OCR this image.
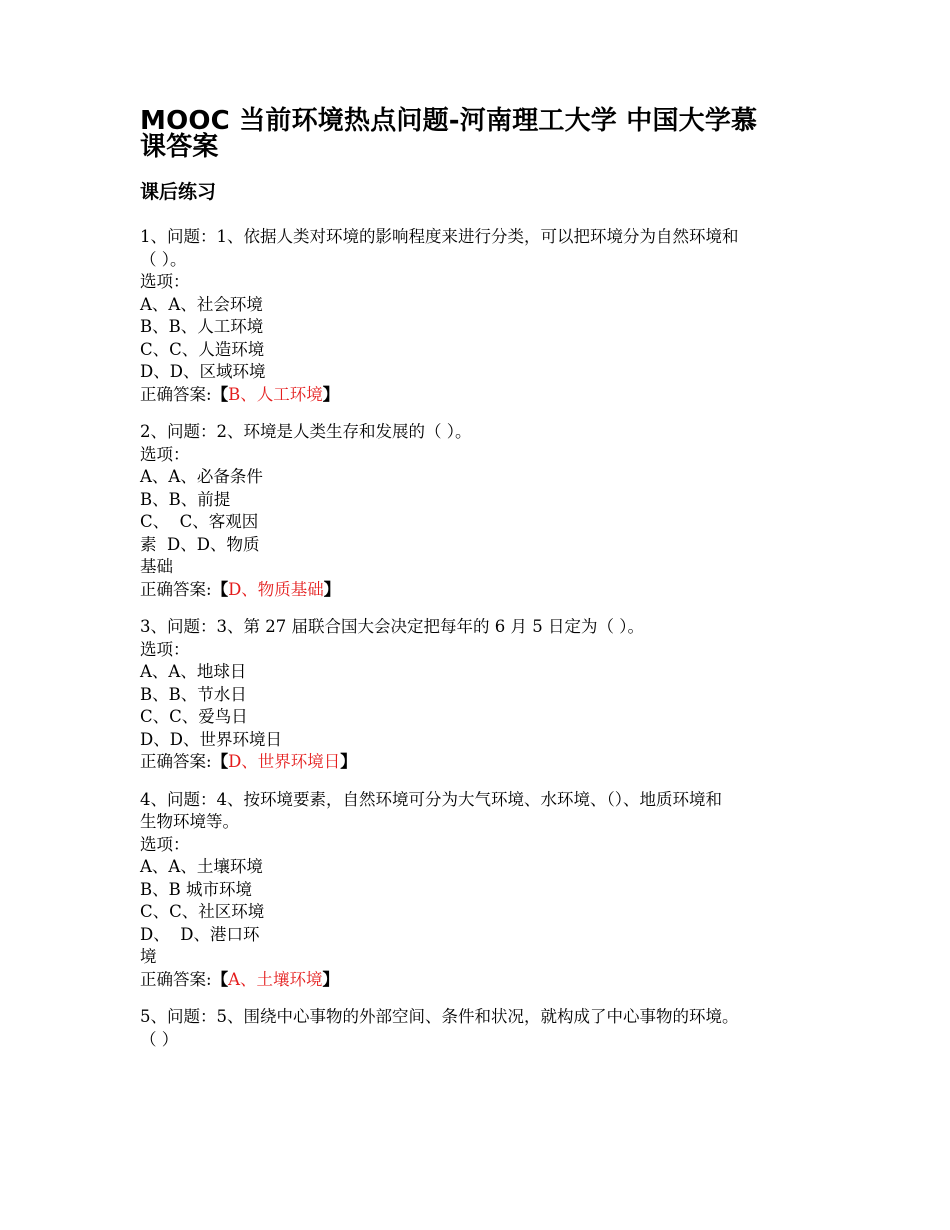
MOOC 当前环境热点问题-河南理工大学 中国大学慕
课答案
课后练习
1、问题：1、依据人类对环境的影响程度来进行分类，可以把环境分为自然环境和
（ ）。
选项：
A、A、社会环境
B、B、人工环境
C、C、人造环境
D、D、区域环境
正确答案:【B、人工环境】
2、问题：2、环境是人类生存和发展的（ ）。
选项：
A、A、必备条件
B、B、前提
C、  C、客观因
素  D、D、物质
基础
正确答案:【D、物质基础】
3、问题：3、第 27 届联合国大会决定把每年的 6 月 5 日定为（ ）。
选项：
A、A、地球日
B、B、节水日
C、C、爱鸟日
D、D、世界环境日
正确答案:【D、世界环境日】
4、问题：4、按环境要素，自然环境可分为大气环境、水环境、（）、地质环境和
生物环境等。
选项：
A、A、土壤环境
B、B 城市环境
C、C、社区环境
D、  D、港口环
境
正确答案:【A、土壤环境】
5、问题：5、围绕中心事物的外部空间、条件和状况，就构成了中心事物的环境。
（ ）
